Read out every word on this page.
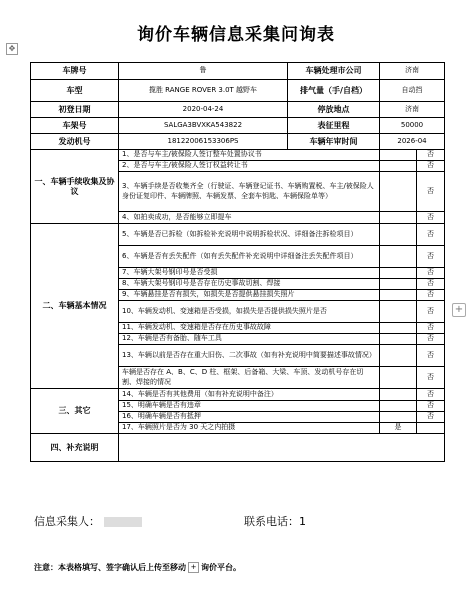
询价车辆信息采集问询表
✥
+
车牌号	鲁	车辆处理市公司	济南	
车型	揽胜 RANGE ROVER 3.0T 越野车	排气量（手/自档）	自动挡	
初登日期	2020-04-24	停放地点	济南	
车架号	SALGA3BVXKA543822	表征里程	50000	
发动机号	18122006153306PS	车辆年审时间	2026-04	
一、车辆手续收集及协议	1、是否与车主/被保险人签订整车处置协议书			否
	2、是否与车主/被保险人签订权益转让书			否
	3、车辆手续是否收集齐全（行驶证、车辆登记证书、车辆购置税、车主/被保险人身份证复印件、车辆牌照、车辆发票、全套车钥匙、车辆保险单等）			否
	4、如拍卖成功，是否能够立即提车			否
二、车辆基本情况	5、车辆是否已拆检（如拆检补充说明中说明拆检状况、详细备注拆检项目）			否
	6、车辆是否有丢失配件（如有丢失配件补充说明中详细备注丢失配件项目）			否
	7、车辆大架号钢印号是否受损			否
	8、车辆大架号钢印号是否存在历史事故切割、焊接			否
	9、车辆悬挂是否有损失，如损失是否提供悬挂损失照片			否
	10、车辆发动机、变速箱是否受损，如损失是否提供损失照片是否			否
	11、车辆发动机、变速箱是否存在历史事故故障			否
	12、车辆是否有备胎、随车工具			否
	13、车辆以前是否存在重大旧伤、二次事故（如有补充说明中简要描述事故情况）			否
	车辆是否存在 A、B、C、D 柱、框架、后备箱、大梁、车顶、发动机号存在切割、焊接的情况			否
三、其它	14、车辆是否有其他费用（如有补充说明中备注）			否
	15、明确车辆是否有违章			否
	16、明确车辆是否有抵押			否
	17、车辆照片是否为 30 天之内拍摄		是	
四、补充说明				
信息采集人：	联系电话：1
注意：本表格填写、签字确认后上传至移动 + 询价平台。
